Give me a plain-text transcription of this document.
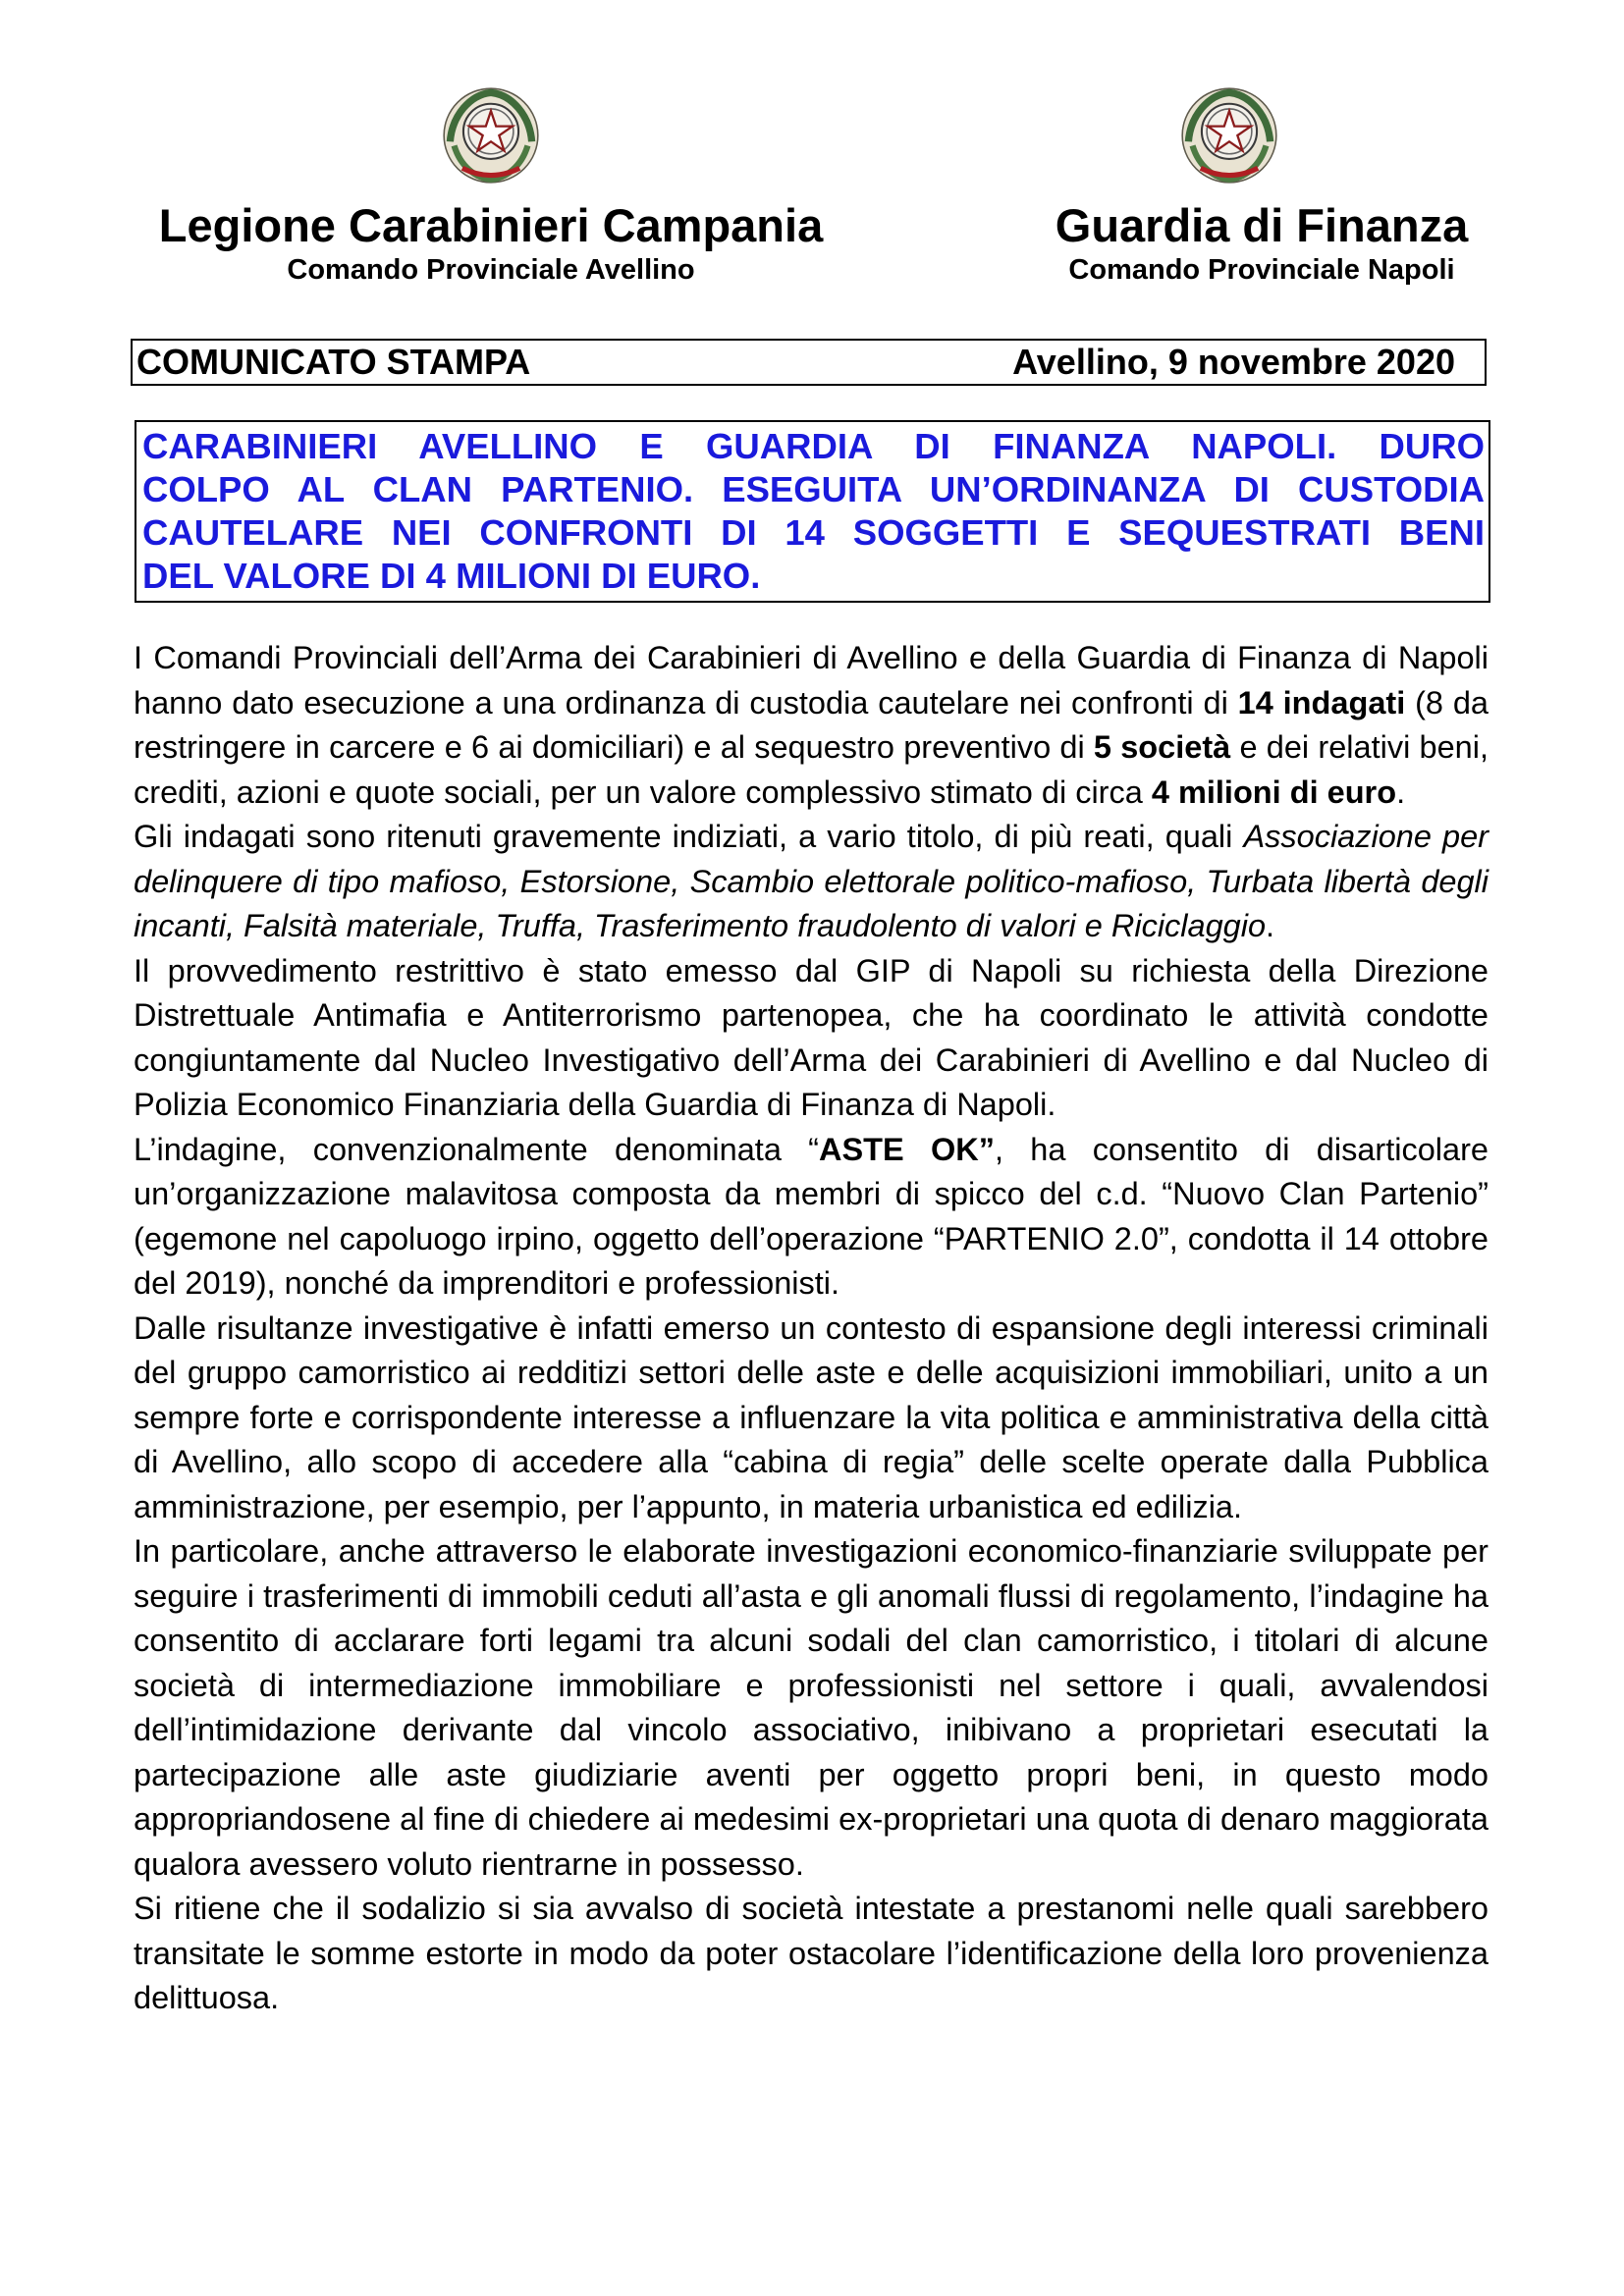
Legione Carabinieri Campania
Comando Provinciale Avellino
Guardia di Finanza
Comando Provinciale Napoli
COMUNICATO STAMPA	Avellino, 9 novembre 2020
CARABINIERI AVELLINO E GUARDIA DI FINANZA NAPOLI. DURO
COLPO AL CLAN PARTENIO. ESEGUITA UN’ORDINANZA DI CUSTODIA
CAUTELARE NEI CONFRONTI DI 14 SOGGETTI E SEQUESTRATI BENI
DEL VALORE DI 4 MILIONI DI EURO.

I Comandi Provinciali dell’Arma dei Carabinieri di Avellino e della Guardia di Finanza di Napoli hanno dato esecuzione a una ordinanza di custodia cautelare nei confronti di 14 indagati (8 da restringere in carcere e 6 ai domiciliari) e al sequestro preventivo di 5 società e dei relativi beni, crediti, azioni e quote sociali, per un valore complessivo stimato di circa 4 milioni di euro.

Gli indagati sono ritenuti gravemente indiziati, a vario titolo, di più reati, quali Associazione per delinquere di tipo mafioso, Estorsione, Scambio elettorale politico-mafioso, Turbata libertà degli incanti, Falsità materiale, Truffa, Trasferimento fraudolento di valori e Riciclaggio.

Il provvedimento restrittivo è stato emesso dal GIP di Napoli su richiesta della Direzione Distrettuale Antimafia e Antiterrorismo partenopea, che ha coordinato le attività condotte congiuntamente dal Nucleo Investigativo dell’Arma dei Carabinieri di Avellino e dal Nucleo di Polizia Economico Finanziaria della Guardia di Finanza di Napoli.

L’indagine, convenzionalmente denominata “ASTE OK”, ha consentito di disarticolare un’organizzazione malavitosa composta da membri di spicco del c.d. “Nuovo Clan Partenio” (egemone nel capoluogo irpino, oggetto dell’operazione “PARTENIO 2.0”, condotta il 14 ottobre del 2019), nonché da imprenditori e professionisti.

Dalle risultanze investigative è infatti emerso un contesto di espansione degli interessi criminali del gruppo camorristico ai redditizi settori delle aste e delle acquisizioni immobiliari, unito a un sempre forte e corrispondente interesse a influenzare la vita politica e amministrativa della città di Avellino, allo scopo di accedere alla “cabina di regia” delle scelte operate dalla Pubblica amministrazione, per esempio, per l’appunto, in materia urbanistica ed edilizia.

In particolare, anche attraverso le elaborate investigazioni economico-finanziarie sviluppate per seguire i trasferimenti di immobili ceduti all’asta e gli anomali flussi di regolamento, l’indagine ha consentito di acclarare forti legami tra alcuni sodali del clan camorristico, i titolari di alcune società di intermediazione immobiliare e professionisti nel settore i quali, avvalendosi dell’intimidazione derivante dal vincolo associativo, inibivano a proprietari esecutati la partecipazione alle aste giudiziarie aventi per oggetto propri beni, in questo modo appropriandosene al fine di chiedere ai medesimi ex-proprietari una quota di denaro maggiorata qualora avessero voluto rientrarne in possesso.

Si ritiene che il sodalizio si sia avvalso di società intestate a prestanomi nelle quali sarebbero transitate le somme estorte in modo da poter ostacolare l’identificazione della loro provenienza delittuosa.
